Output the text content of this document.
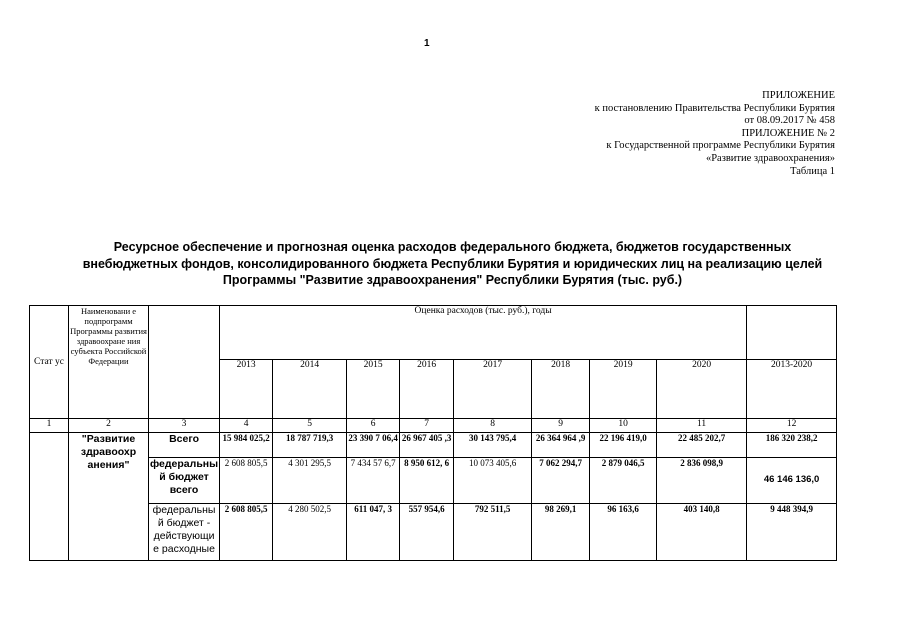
1
ПРИЛОЖЕНИЕ
к постановлению Правительства Республики Бурятия
от 08.09.2017 № 458
ПРИЛОЖЕНИЕ № 2
к Государственной программе Республики Бурятия
«Развитие здравоохранения»
Таблица 1
Ресурсное обеспечение и прогнозная оценка расходов федерального бюджета, бюджетов государственных
внебюджетных фондов, консолидированного бюджета Республики Бурятия и юридических лиц на реализацию целей
Программы "Развитие здравоохранения" Республики Бурятия (тыс. руб.)
Стат ус	Наименовани е подпрограмм Программы развития здравоохране ния субъекта Российской Федерации		Оценка расходов (тыс. руб.), годы								
			2013	2014	2015	2016	2017	2018	2019	2020	2013-2020
1	2	3	4	5	6	7	8	9	10	11	12
	"Развитие здравоохр анения"	Всего	15 984 025,2	18 787 719,3	23 390 7 06,4	26 967 405 ,3	30 143 795,4	26 364 964 ,9	22 196 419,0	22 485 202,7	186 320 238,2
		федеральны й бюджет всего	2 608 805,5	4 301 295,5	7 434 57 6,7	8 950 612, 6	10 073 405,6	7 062 294,7	2 879 046,5	2 836 098,9	46 146 136,0
		федеральны й бюджет - действующи е расходные	2 608 805,5	4 280 502,5	611 047, 3	557 954,6	792 511,5	98 269,1	96 163,6	403 140,8	9 448 394,9
